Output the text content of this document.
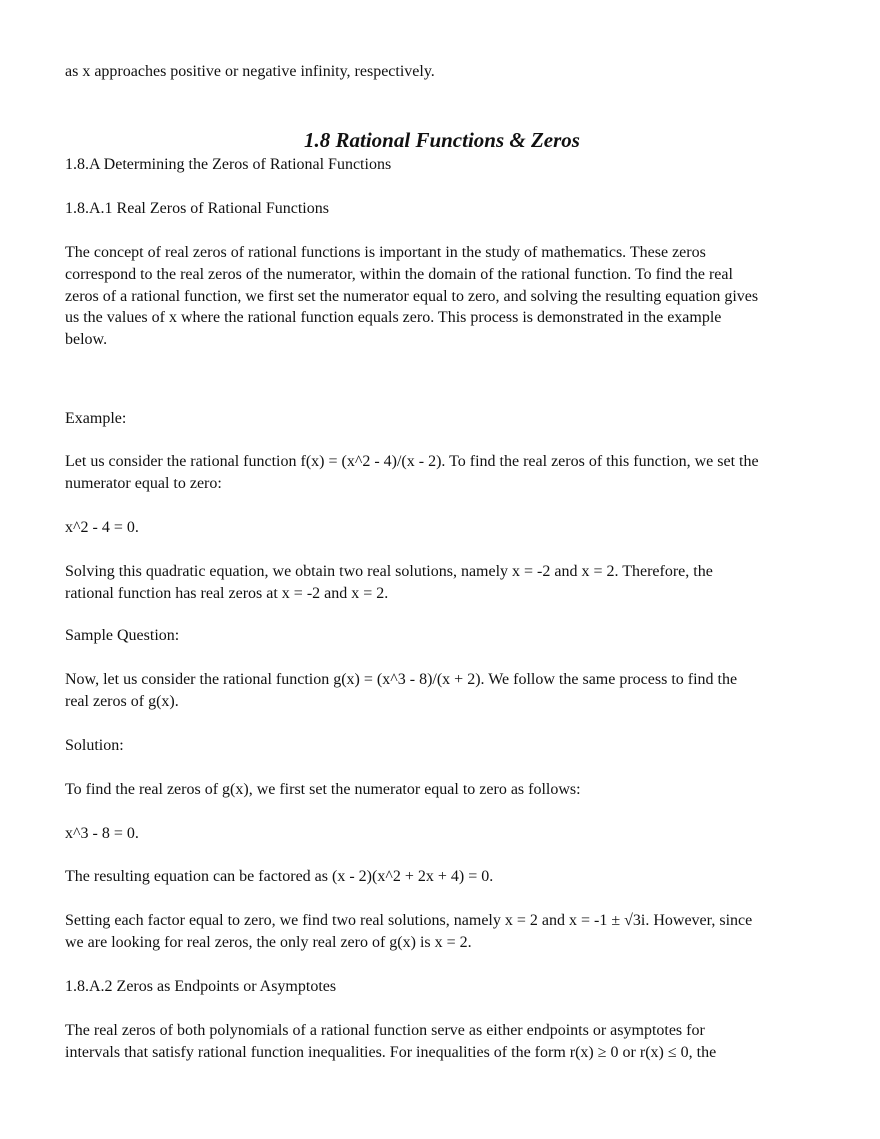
as x approaches positive or negative infinity, respectively.
1.8 Rational Functions & Zeros
1.8.A Determining the Zeros of Rational Functions
1.8.A.1 Real Zeros of Rational Functions
The concept of real zeros of rational functions is important in the study of mathematics. These zeros
correspond to the real zeros of the numerator, within the domain of the rational function. To find the real
zeros of a rational function, we first set the numerator equal to zero, and solving the resulting equation gives
us the values of x where the rational function equals zero. This process is demonstrated in the example
below.
Example:
Let us consider the rational function f(x) = (x^2 - 4)/(x - 2). To find the real zeros of this function, we set the
numerator equal to zero:
x^2 - 4 = 0.
Solving this quadratic equation, we obtain two real solutions, namely x = -2 and x = 2. Therefore, the
rational function has real zeros at x = -2 and x = 2.
Sample Question:
Now, let us consider the rational function g(x) = (x^3 - 8)/(x + 2). We follow the same process to find the
real zeros of g(x).
Solution:
To find the real zeros of g(x), we first set the numerator equal to zero as follows:
x^3 - 8 = 0.
The resulting equation can be factored as (x - 2)(x^2 + 2x + 4) = 0.
Setting each factor equal to zero, we find two real solutions, namely x = 2 and x = -1 ± √3i. However, since
we are looking for real zeros, the only real zero of g(x) is x = 2.
1.8.A.2 Zeros as Endpoints or Asymptotes
The real zeros of both polynomials of a rational function serve as either endpoints or asymptotes for
intervals that satisfy rational function inequalities. For inequalities of the form r(x) ≥ 0 or r(x) ≤ 0, the
